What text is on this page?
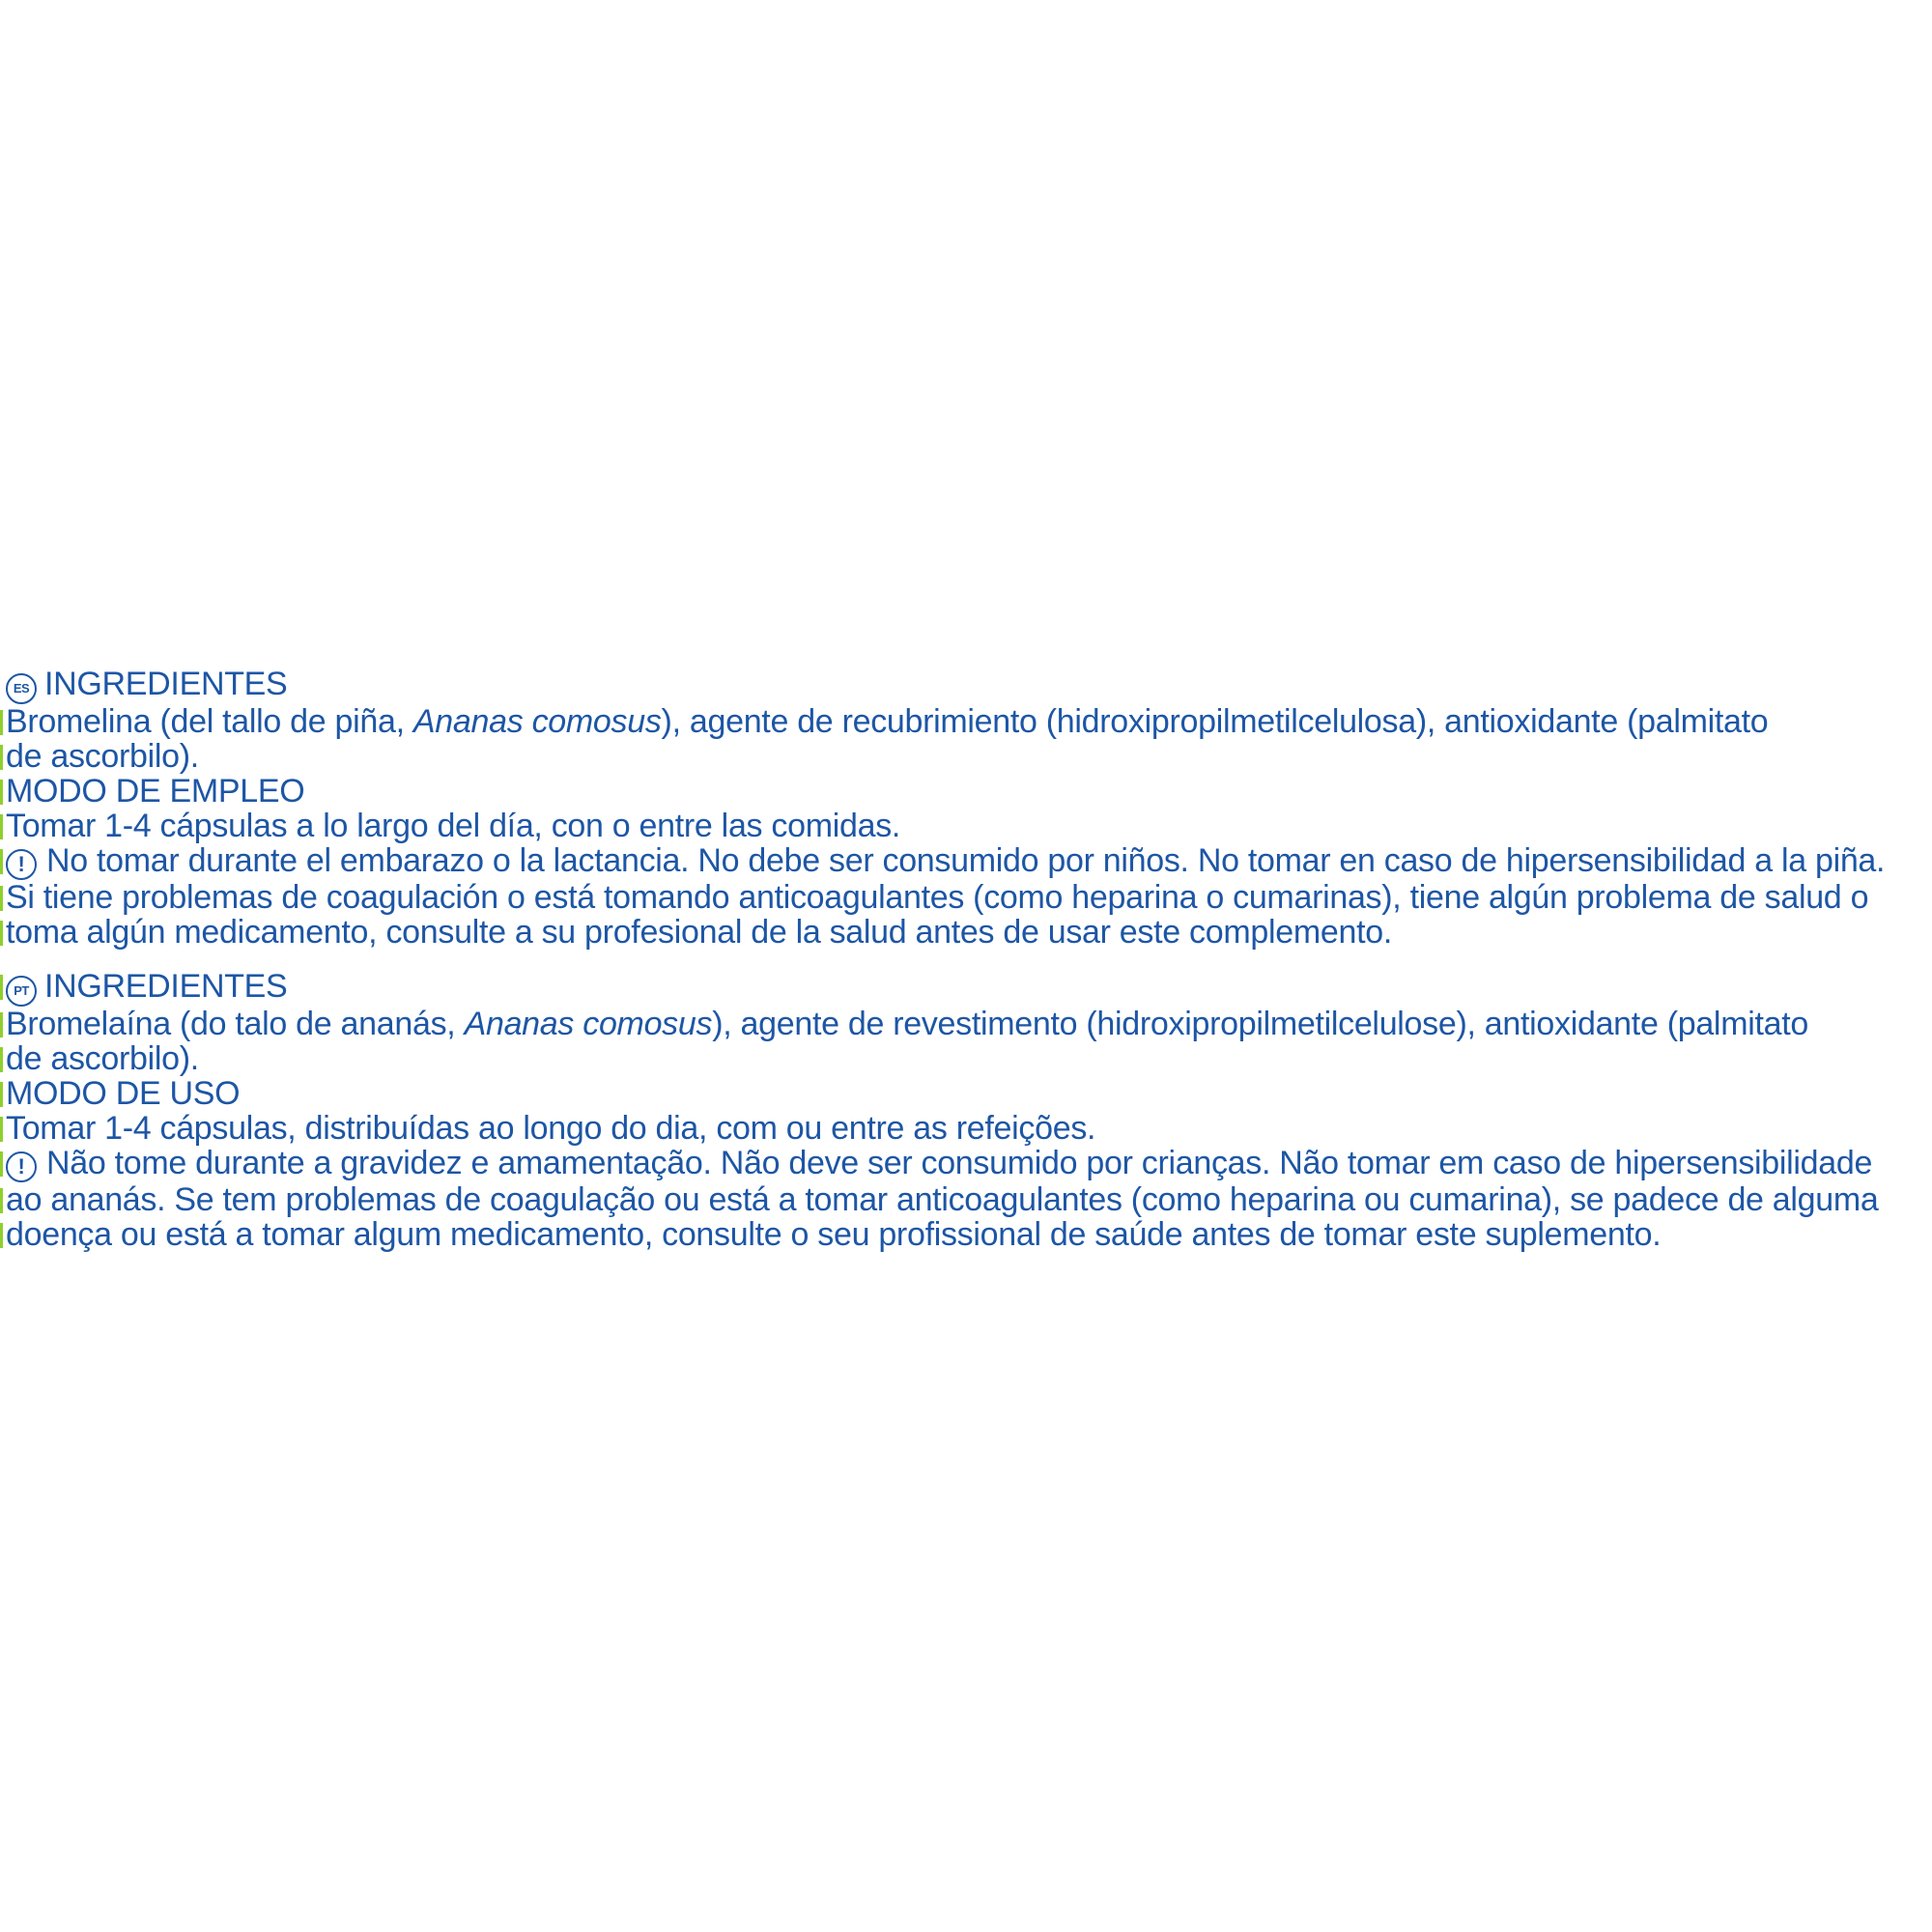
ES INGREDIENTES
Bromelina (del tallo de piña, Ananas comosus), agente de recubrimiento (hidroxipropilmetilcelulosa), antioxidante (palmitato
de ascorbilo).
MODO DE EMPLEO
Tomar 1-4 cápsulas a lo largo del día, con o entre las comidas.
! No tomar durante el embarazo o la lactancia. No debe ser consumido por niños. No tomar en caso de hipersensibilidad a la piña.
Si tiene problemas de coagulación o está tomando anticoagulantes (como heparina o cumarinas), tiene algún problema de salud o
toma algún medicamento, consulte a su profesional de la salud antes de usar este complemento.
PT INGREDIENTES
Bromelaína (do talo de ananás, Ananas comosus), agente de revestimento (hidroxipropilmetilcelulose), antioxidante (palmitato
de ascorbilo).
MODO DE USO
Tomar 1-4 cápsulas, distribuídas ao longo do dia, com ou entre as refeições.
! Não tome durante a gravidez e amamentação. Não deve ser consumido por crianças. Não tomar em caso de hipersensibilidade
ao ananás. Se tem problemas de coagulação ou está a tomar anticoagulantes (como heparina ou cumarina), se padece de alguma
doença ou está a tomar algum medicamento, consulte o seu profissional de saúde antes de tomar este suplemento.
